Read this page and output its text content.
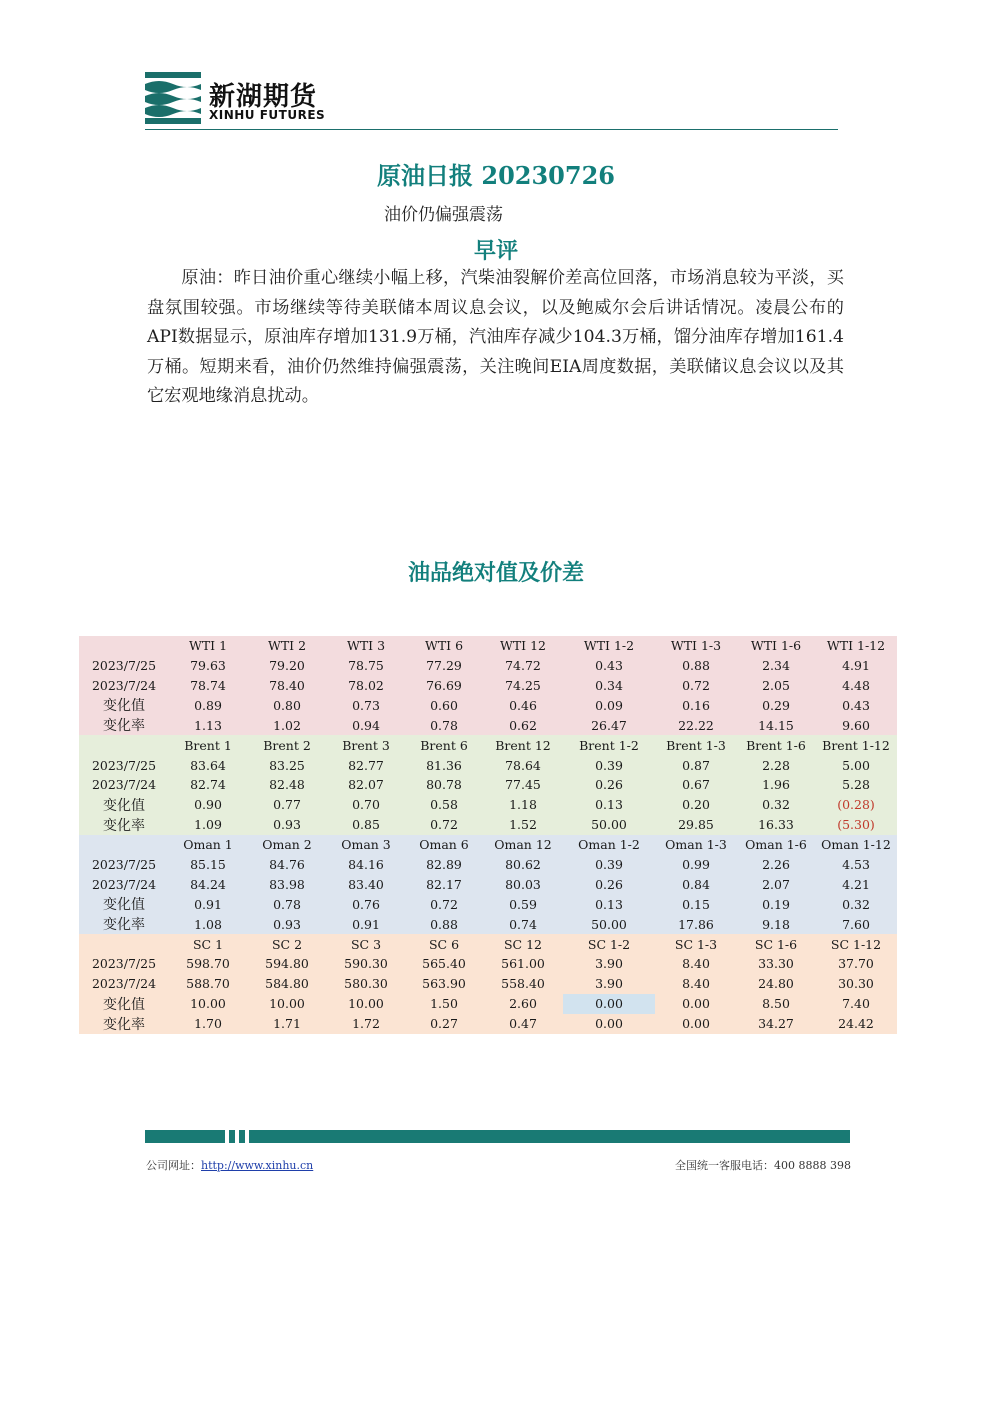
新湖期货
XINHU FUTURES
原油日报 20230726
油价仍偏强震荡
早评

原油：昨日油价重心继续小幅上移，汽柴油裂解价差高位回落，市场消息较为平淡，买盘氛围较强。市场继续等待美联储本周议息会议，以及鲍威尔会后讲话情况。凌晨公布的API数据显示，原油库存增加131.9万桶，汽油库存减少104.3万桶，馏分油库存增加161.4万桶。短期来看，油价仍然维持偏强震荡，关注晚间EIA周度数据，美联储议息会议以及其它宏观地缘消息扰动。

油品绝对值及价差
	WTI 1	WTI 2	WTI 3	WTI 6	WTI 12	WTI 1-2	WTI 1-3	WTI 1-6	WTI 1-12
2023/7/25	79.63	79.20	78.75	77.29	74.72	0.43	0.88	2.34	4.91
2023/7/24	78.74	78.40	78.02	76.69	74.25	0.34	0.72	2.05	4.48
变化值	0.89	0.80	0.73	0.60	0.46	0.09	0.16	0.29	0.43
变化率	1.13	1.02	0.94	0.78	0.62	26.47	22.22	14.15	9.60
	Brent 1	Brent 2	Brent 3	Brent 6	Brent 12	Brent 1-2	Brent 1-3	Brent 1-6	Brent 1-12
2023/7/25	83.64	83.25	82.77	81.36	78.64	0.39	0.87	2.28	5.00
2023/7/24	82.74	82.48	82.07	80.78	77.45	0.26	0.67	1.96	5.28
变化值	0.90	0.77	0.70	0.58	1.18	0.13	0.20	0.32	(0.28)
变化率	1.09	0.93	0.85	0.72	1.52	50.00	29.85	16.33	(5.30)
	Oman 1	Oman 2	Oman 3	Oman 6	Oman 12	Oman 1-2	Oman 1-3	Oman 1-6	Oman 1-12
2023/7/25	85.15	84.76	84.16	82.89	80.62	0.39	0.99	2.26	4.53
2023/7/24	84.24	83.98	83.40	82.17	80.03	0.26	0.84	2.07	4.21
变化值	0.91	0.78	0.76	0.72	0.59	0.13	0.15	0.19	0.32
变化率	1.08	0.93	0.91	0.88	0.74	50.00	17.86	9.18	7.60
	SC 1	SC 2	SC 3	SC 6	SC 12	SC 1-2	SC 1-3	SC 1-6	SC 1-12
2023/7/25	598.70	594.80	590.30	565.40	561.00	3.90	8.40	33.30	37.70
2023/7/24	588.70	584.80	580.30	563.90	558.40	3.90	8.40	24.80	30.30
变化值	10.00	10.00	10.00	1.50	2.60	0.00	0.00	8.50	7.40
变化率	1.70	1.71	1.72	0.27	0.47	0.00	0.00	34.27	24.42
公司网址：http://www.xinhu.cn	全国统一客服电话：400 8888 398
